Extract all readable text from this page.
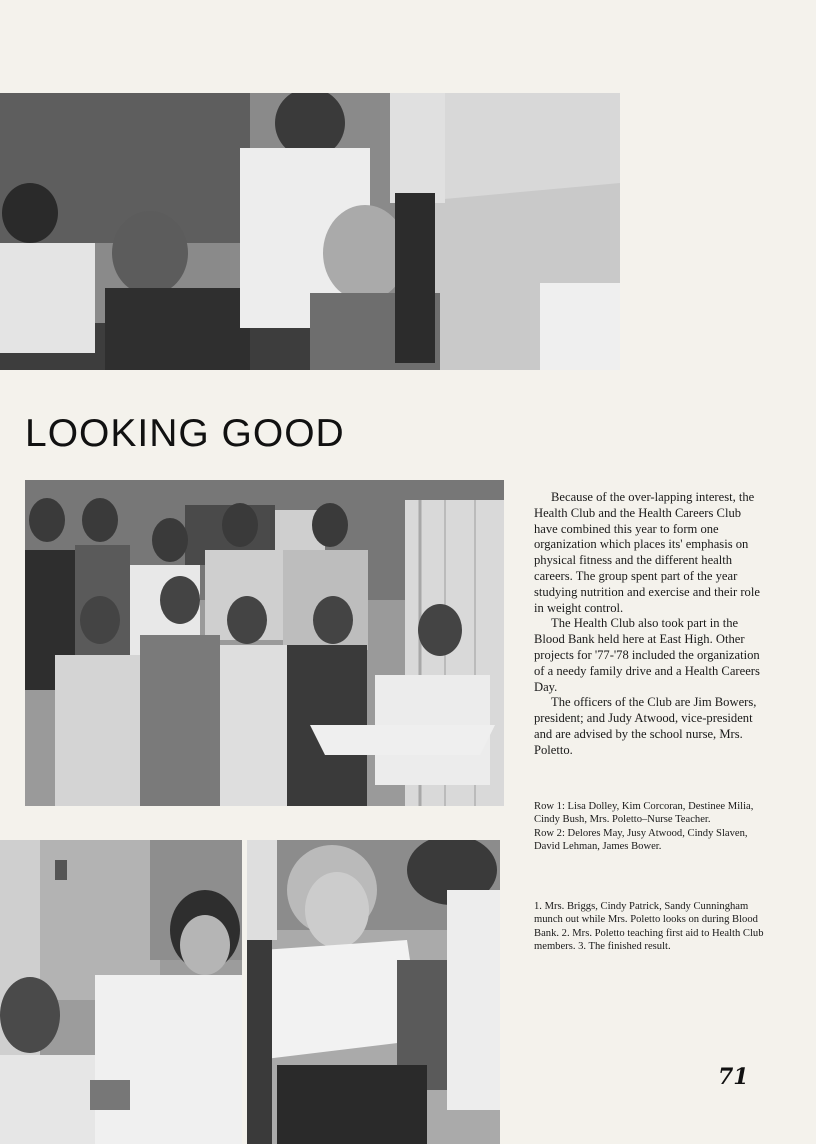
LOOKING GOOD

Because of the over-lapping interest, the Health Club and the Health Careers Club have combined this year to form one organization which places its' emphasis on physical fitness and the different health careers. The group spent part of the year studying nutrition and exercise and their role in weight control.

The Health Club also took part in the Blood Bank held here at East High. Other projects for '77-'78 included the organization of a needy family drive and a Health Careers Day.

The officers of the Club are Jim Bowers, president; and Judy Atwood, vice-president and are advised by the school nurse, Mrs. Poletto.

Row 1: Lisa Dolley, Kim Corcoran, Destinee Milia, Cindy Bush, Mrs. Poletto–Nurse Teacher.
Row 2: Delores May, Jusy Atwood, Cindy Slaven, David Lehman, James Bower.
1. Mrs. Briggs, Cindy Patrick, Sandy Cunningham munch out while Mrs. Poletto looks on during Blood Bank. 2. Mrs. Poletto teaching first aid to Health Club members. 3. The finished result.
71
